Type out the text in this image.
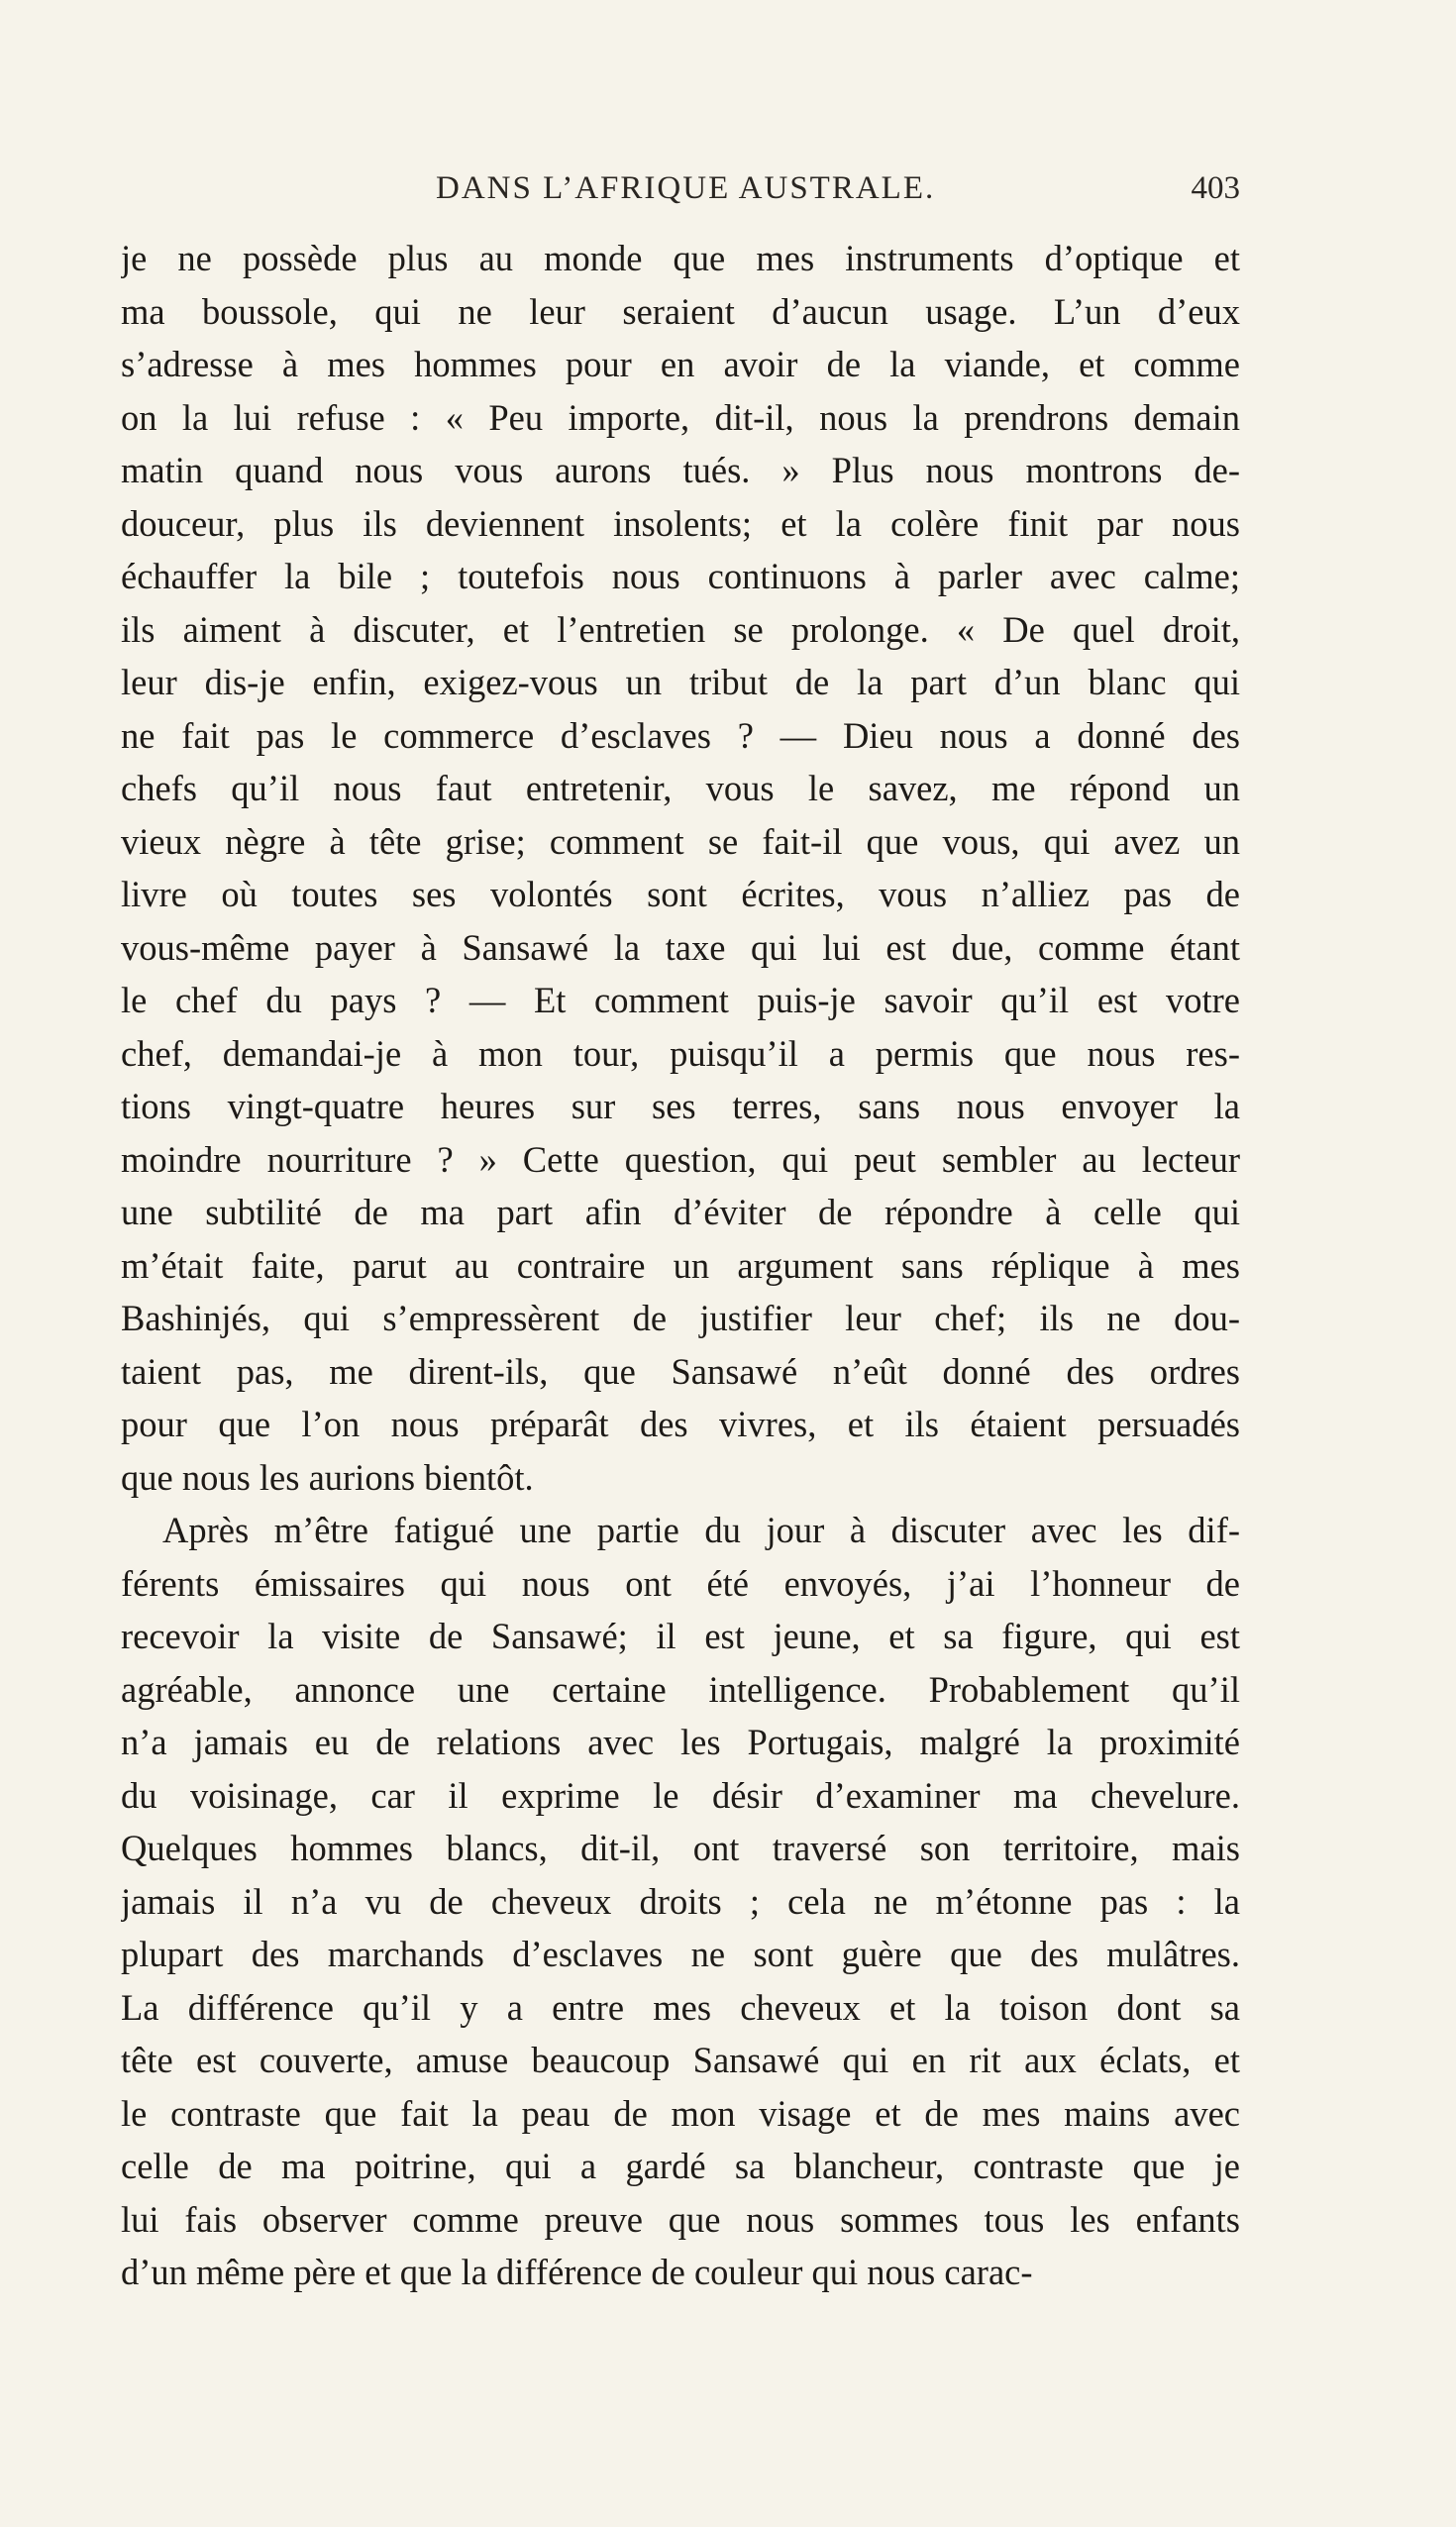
DANS L’AFRIQUE AUSTRALE.	403
je ne possède plus au monde que mes instruments d’optique et
ma boussole, qui ne leur seraient d’aucun usage. L’un d’eux
s’adresse à mes hommes pour en avoir de la viande, et comme
on la lui refuse : « Peu importe, dit-il, nous la prendrons demain
matin quand nous vous aurons tués. » Plus nous montrons de-
douceur, plus ils deviennent insolents; et la colère finit par nous
échauffer la bile ; toutefois nous continuons à parler avec calme;
ils aiment à discuter, et l’entretien se prolonge. « De quel droit,
leur dis-je enfin, exigez-vous un tribut de la part d’un blanc qui
ne fait pas le commerce d’esclaves ? — Dieu nous a donné des
chefs qu’il nous faut entretenir, vous le savez, me répond un
vieux nègre à tête grise; comment se fait-il que vous, qui avez un
livre où toutes ses volontés sont écrites, vous n’alliez pas de
vous-même payer à Sansawé la taxe qui lui est due, comme étant
le chef du pays ? — Et comment puis-je savoir qu’il est votre
chef, demandai-je à mon tour, puisqu’il a permis que nous res-
tions vingt-quatre heures sur ses terres, sans nous envoyer la
moindre nourriture ? » Cette question, qui peut sembler au lecteur
une subtilité de ma part afin d’éviter de répondre à celle qui
m’était faite, parut au contraire un argument sans réplique à mes
Bashinjés, qui s’empressèrent de justifier leur chef; ils ne dou-
taient pas, me dirent-ils, que Sansawé n’eût donné des ordres
pour que l’on nous préparât des vivres, et ils étaient persuadés
que nous les aurions bientôt.
Après m’être fatigué une partie du jour à discuter avec les dif-
férents émissaires qui nous ont été envoyés, j’ai l’honneur de
recevoir la visite de Sansawé; il est jeune, et sa figure, qui est
agréable, annonce une certaine intelligence. Probablement qu’il
n’a jamais eu de relations avec les Portugais, malgré la proximité
du voisinage, car il exprime le désir d’examiner ma chevelure.
Quelques hommes blancs, dit-il, ont traversé son territoire, mais
jamais il n’a vu de cheveux droits ; cela ne m’étonne pas : la
plupart des marchands d’esclaves ne sont guère que des mulâtres.
La différence qu’il y a entre mes cheveux et la toison dont sa
tête est couverte, amuse beaucoup Sansawé qui en rit aux éclats, et
le contraste que fait la peau de mon visage et de mes mains avec
celle de ma poitrine, qui a gardé sa blancheur, contraste que je
lui fais observer comme preuve que nous sommes tous les enfants
d’un même père et que la différence de couleur qui nous carac-
